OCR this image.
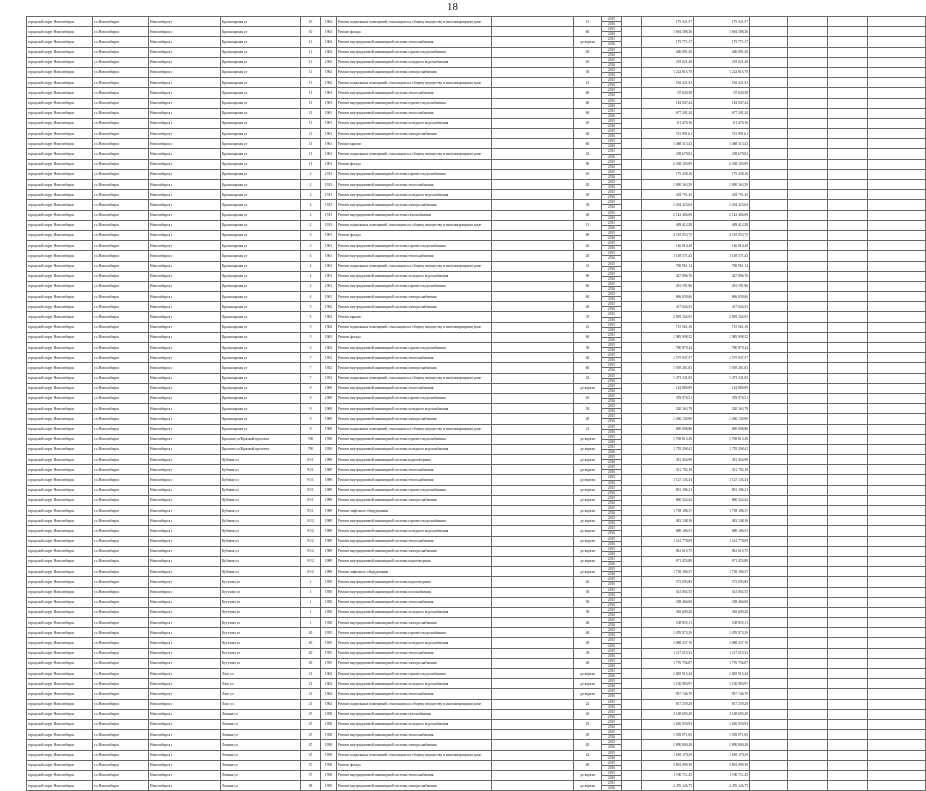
18
городской округ Новосибирск	г.о.Новосибирск	Новосибирск г	Красноярская ул	10	1963	Ремонт подвальных помещений, относящихся к общему имуществу в многоквартирном доме		15	2015
2016		175 521,57	175 521,57				
городской округ Новосибирск	г.о.Новосибирск	Новосибирск г	Красноярская ул	10	1963	Ремонт фасада		60	2015
2016		1 694 588,36	1 694 588,36				
городской округ Новосибирск	г.о.Новосибирск	Новосибирск г	Красноярская ул	11	1962	Ремонт внутридомовой инженерной системы теплоснабжения		до апреля	2015
2016		175 771,17	175 771,17				
городской округ Новосибирск	г.о.Новосибирск	Новосибирск г	Красноярская ул	11	1962	Ремонт внутридомовой инженерной системы горячего водоснабжения		20	2015
2016		266 891,26	266 891,26				
городской округ Новосибирск	г.о.Новосибирск	Новосибирск г	Красноярская ул	11	1962	Ремонт внутридомовой инженерной системы холодного водоснабжения		20	2015
2016		219 021,49	219 021,49				
городской округ Новосибирск	г.о.Новосибирск	Новосибирск г	Красноярская ул	11	1962	Ремонт внутридомовой инженерной системы электроснабжения		30	2015
2016		1 222 813,70	1 222 813,70				
городской округ Новосибирск	г.о.Новосибирск	Новосибирск г	Красноярская ул	11	1962	Ремонт подвальных помещений, относящихся к общему имуществу в многоквартирном доме		21	2015
2016		165 321,52	165 321,52				
городской округ Новосибирск	г.о.Новосибирск	Новосибирск г	Красноярская ул	13	1961	Ремонт внутридомовой инженерной системы теплоснабжения		60	2015
2016		97 620,38	97 620,38				
городской округ Новосибирск	г.о.Новосибирск	Новосибирск г	Красноярская ул	13	1961	Ремонт внутридомовой инженерной системы горячего водоснабжения		60	2015
2016		184 947,44	184 947,44				
городской округ Новосибирск	г.о.Новосибирск	Новосибирск г	Красноярская ул	13	1961	Ремонт внутридомовой инженерной системы теплоснабжения		60	2015
2016		677 291,24	677 291,24				
городской округ Новосибирск	г.о.Новосибирск	Новосибирск г	Красноярская ул	13	1961	Ремонт внутридомовой инженерной системы холодного водоснабжения		45	2015
2016		111 470,16	111 470,16				
городской округ Новосибирск	г.о.Новосибирск	Новосибирск г	Красноярская ул	13	1961	Ремонт внутридомовой инженерной системы электроснабжения		40	2015
2016		741 891,61	741 891,61				
городской округ Новосибирск	г.о.Новосибирск	Новосибирск г	Красноярская ул	13	1961	Ремонт крыши		60	2015
2016		1 468 313,43	1 468 313,43				
городской округ Новосибирск	г.о.Новосибирск	Новосибирск г	Красноярская ул	13	1961	Ремонт подвальных помещений, относящихся к общему имуществу в многоквартирном доме		22	2015
2016		238 679,02	238 679,02				
городской округ Новосибирск	г.о.Новосибирск	Новосибирск г	Красноярская ул	13	1961	Ремонт фасада		80	2015
2016		2 338 165,89	2 338 165,89				
городской округ Новосибирск	г.о.Новосибирск	Новосибирск г	Красноярская ул	2	1913	Ремонт внутридомовой инженерной системы горячего водоснабжения		20	2015
2016		175 258,16	175 258,16				
городской округ Новосибирск	г.о.Новосибирск	Новосибирск г	Красноярская ул	2	1913	Ремонт внутридомовой инженерной системы теплоснабжения		20	2015
2016		1 090 163,59	1 090 163,59				
городской округ Новосибирск	г.о.Новосибирск	Новосибирск г	Красноярская ул	2	1913	Ремонт внутридомовой инженерной системы холодного водоснабжения		30	2015
2016		218 751,20	218 751,20				
городской округ Новосибирск	г.о.Новосибирск	Новосибирск г	Красноярская ул	2	1913	Ремонт внутридомовой инженерной системы электроснабжения		30	2015
2016		1 204 223,64	1 204 223,64				
городской округ Новосибирск	г.о.Новосибирск	Новосибирск г	Красноярская ул	2	1913	Ремонт внутридомовой инженерной системы газоснабжения		40	2015
2016		2 142 466,09	2 142 466,09				
городской округ Новосибирск	г.о.Новосибирск	Новосибирск г	Красноярская ул	2	1913	Ремонт подвальных помещений, относящихся к общему имуществу в многоквартирном доме		15	2015
2016		409 412,58	409 412,58				
городской округ Новосибирск	г.о.Новосибирск	Новосибирск г	Красноярская ул	3	1961	Ремонт фасада		60	2015
2016		2 119 053,75	2 119 053,75				
городской округ Новосибирск	г.о.Новосибирск	Новосибирск г	Красноярская ул	3	1961	Ремонт внутридомовой инженерной системы горячего водоснабжения		20	2015
2016		126 810,28	126 810,28				
городской округ Новосибирск	г.о.Новосибирск	Новосибирск г	Красноярская ул	4	1961	Ремонт внутридомовой инженерной системы теплоснабжения		20	2015
2016		1 149 571,45	1 149 571,45				
городской округ Новосибирск	г.о.Новосибирск	Новосибирск г	Красноярская ул	4	1961	Ремонт подвальных помещений, относящихся к общему имуществу в многоквартирном доме		21	2015
2016		700 961,14	700 961,14				
городской округ Новосибирск	г.о.Новосибирск	Новосибирск г	Красноярская ул	4	1961	Ремонт внутридомовой инженерной системы холодного водоснабжения		60	2015
2016		427 806,76	427 806,76				
городской округ Новосибирск	г.о.Новосибирск	Новосибирск г	Красноярская ул	4	1961	Ремонт внутридомовой инженерной системы горячего водоснабжения		60	2015
2016		261 591,86	261 591,86				
городской округ Новосибирск	г.о.Новосибирск	Новосибирск г	Красноярская ул	4	1961	Ремонт внутридомовой инженерной системы электроснабжения		60	2015
2016		866 659,66	866 659,66				
городской округ Новосибирск	г.о.Новосибирск	Новосибирск г	Красноярская ул	5	1962	Ремонт внутридомовой инженерной системы электроснабжения		40	2015
2016		417 626,53	417 626,53				
городской округ Новосибирск	г.о.Новосибирск	Новосибирск г	Красноярская ул	5	1962	Ремонт крыши		35	2015
2016		2 093 164,93	2 093 164,93				
городской округ Новосибирск	г.о.Новосибирск	Новосибирск г	Красноярская ул	5	1962	Ремонт подвальных помещений, относящихся к общему имуществу в многоквартирном доме		21	2015
2016		715 561,16	715 561,16				
городской округ Новосибирск	г.о.Новосибирск	Новосибирск г	Красноярская ул	5	1962	Ремонт фасада		60	2015
2016		1 985 098,32	1 985 098,32				
городской округ Новосибирск	г.о.Новосибирск	Новосибирск г	Красноярская ул	5	1962	Ремонт внутридомовой инженерной системы горячего водоснабжения		30	2015
2016		780 879,24	780 879,24				
городской округ Новосибирск	г.о.Новосибирск	Новосибирск г	Красноярская ул	7	1952	Ремонт внутридомовой инженерной системы теплоснабжения		40	2015
2016		1 575 047,57	1 575 047,57				
городской округ Новосибирск	г.о.Новосибирск	Новосибирск г	Красноярская ул	7	1952	Ремонт внутридомовой инженерной системы электроснабжения		60	2015
2016		1 595 261,83	1 595 261,83				
городской округ Новосибирск	г.о.Новосибирск	Новосибирск г	Красноярская ул	7	1952	Ремонт подвальных помещений, относящихся к общему имуществу в многоквартирном доме		22	2015
2016		1 473 341,05	1 473 341,05				
городской округ Новосибирск	г.о.Новосибирск	Новосибирск г	Красноярская ул	9	1969	Ремонт внутридомовой инженерной системы теплоснабжения		до апреля	2015
2016		143 869,89	143 869,89				
городской округ Новосибирск	г.о.Новосибирск	Новосибирск г	Красноярская ул	9	1969	Ремонт внутридомовой инженерной системы горячего водоснабжения		20	2015
2016		478 079,51	478 079,51				
городской округ Новосибирск	г.о.Новосибирск	Новосибирск г	Красноярская ул	9	1969	Ремонт внутридомовой инженерной системы холодного водоснабжения		30	2015
2016		320 163,78	320 163,78				
городской округ Новосибирск	г.о.Новосибирск	Новосибирск г	Красноярская ул	9	1969	Ремонт внутридомовой инженерной системы электроснабжения		40	2015
2016		1 266 130,89	1 266 130,89				
городской округ Новосибирск	г.о.Новосибирск	Новосибирск г	Красноярская ул	9	1969	Ремонт подвальных помещений, относящихся к общему имуществу в многоквартирном доме		21	2015
2016		690 808,86	690 808,86				
городской округ Новосибирск	г.о.Новосибирск	Новосибирск г	Крылова ул/Красный проспект	700	1950	Ремонт внутридомовой инженерной системы горячего водоснабжения		до апреля	2015
2016		1 708 813,49	1 708 813,49				
городской округ Новосибирск	г.о.Новосибирск	Новосибирск г	Крылова ул/Красный проспект	700	1950	Ремонт внутридомовой инженерной системы холодного водоснабжения		до апреля	2015
2016		1 755 358,41	1 755 358,41				
городской округ Новосибирск	г.о.Новосибирск	Новосибирск г	Кубовая ул	91/1	1989	Ремонт внутридомовой инженерной системы водоотведения		до апреля	2015
2016		451 564,98	451 564,98				
городской округ Новосибирск	г.о.Новосибирск	Новосибирск г	Кубовая ул	91/1	1989	Ремонт внутридомовой инженерной системы теплоснабжения		до апреля	2015
2016		521 702,18	521 702,18				
городской округ Новосибирск	г.о.Новосибирск	Новосибирск г	Кубовая ул	91/1	1989	Ремонт внутридомовой инженерной системы теплоснабжения		до апреля	2015
2016		1 127 143,34	1 127 143,34				
городской округ Новосибирск	г.о.Новосибирск	Новосибирск г	Кубовая ул	91/1	1989	Ремонт внутридомовой инженерной системы горячего водоснабжения		до апреля	2015
2016		801 186,21	801 186,21				
городской округ Новосибирск	г.о.Новосибирск	Новосибирск г	Кубовая ул	91/1	1989	Ремонт внутридомовой инженерной системы электроснабжения		до апреля	2015
2016		860 522,42	860 522,42				
городской округ Новосибирск	г.о.Новосибирск	Новосибирск г	Кубовая ул	91/1	1989	Ремонт лифтового оборудования		до апреля	2015
2016		1 738 186,37	1 738 186,37				
городской округ Новосибирск	г.о.Новосибирск	Новосибирск г	Кубовая ул	91/2	1989	Ремонт внутридомовой инженерной системы горячего водоснабжения		до апреля	2015
2016		481 148,16	481 148,16				
городской округ Новосибирск	г.о.Новосибирск	Новосибирск г	Кубовая ул	91/2	1989	Ремонт внутридомовой инженерной системы холодного водоснабжения		до апреля	2015
2016		680 186,51	680 186,51				
городской округ Новосибирск	г.о.Новосибирск	Новосибирск г	Кубовая ул	91/2	1989	Ремонт внутридомовой инженерной системы теплоснабжения		до апреля	2015
2016		1 161 778,09	1 161 778,09				
городской округ Новосибирск	г.о.Новосибирск	Новосибирск г	Кубовая ул	91/2	1989	Ремонт внутридомовой инженерной системы электроснабжения		до апреля	2015
2016		861 615,75	861 615,75				
городской округ Новосибирск	г.о.Новосибирск	Новосибирск г	Кубовая ул	91/2	1989	Ремонт внутридомовой инженерной системы водоотведения		до апреля	2015
2016		871 455,89	871 455,89				
городской округ Новосибирск	г.о.Новосибирск	Новосибирск г	Кубовая ул	91/2	1989	Ремонт лифтового оборудования		до апреля	2015
2016		1 738 186,37	1 738 186,37				
городской округ Новосибирск	г.о.Новосибирск	Новосибирск г	Кутузова ул	1	1950	Ремонт внутридомовой инженерной системы водоотведения		20	2015
2016		572 093,85	572 093,85				
городской округ Новосибирск	г.о.Новосибирск	Новосибирск г	Кутузова ул	1	1950	Ремонт внутридомовой инженерной системы газоснабжения		30	2015
2016		541 002,55	541 002,55				
городской округ Новосибирск	г.о.Новосибирск	Новосибирск г	Кутузова ул	1	1950	Ремонт внутридомовой инженерной системы теплоснабжения		30	2015
2016		338 466,60	338 466,60				
городской округ Новосибирск	г.о.Новосибирск	Новосибирск г	Кутузова ул	1	1950	Ремонт внутридомовой инженерной системы холодного водоснабжения		30	2015
2016		365 609,28	365 609,28				
городской округ Новосибирск	г.о.Новосибирск	Новосибирск г	Кутузова ул	1	1950	Ремонт внутридомовой инженерной системы электроснабжения		40	2015
2016		538 855,11	538 855,11				
городской округ Новосибирск	г.о.Новосибирск	Новосибирск г	Кутузова ул	20	1955	Ремонт внутридомовой инженерной системы горячего водоснабжения		40	2015
2016		1 470 973,29	1 470 973,29				
городской округ Новосибирск	г.о.Новосибирск	Новосибирск г	Кутузова ул	20	1955	Ремонт внутридомовой инженерной системы холодного водоснабжения		30	2015
2016		1 088 337,76	1 088 337,76				
городской округ Новосибирск	г.о.Новосибирск	Новосибирск г	Кутузова ул	20	1955	Ремонт внутридомовой инженерной системы теплоснабжения		30	2015
2016		1 117 215,32	1 117 215,32				
городской округ Новосибирск	г.о.Новосибирск	Новосибирск г	Кутузова ул	20	1955	Ремонт внутридомовой инженерной системы электроснабжения		40	2015
2016		1 770 756,07	1 770 756,07				
городской округ Новосибирск	г.о.Новосибирск	Новосибирск г	Лазо ул	21	1962	Ремонт внутридомовой инженерной системы горячего водоснабжения		до апреля	2015
2016		1 065 915,24	1 065 915,24				
городской округ Новосибирск	г.о.Новосибирск	Новосибирск г	Лазо ул	21	1962	Ремонт внутридомовой инженерной системы холодного водоснабжения		до апреля	2015
2016		1 136 983,97	1 136 983,97				
городской округ Новосибирск	г.о.Новосибирск	Новосибирск г	Лазо ул	21	1962	Ремонт внутридомовой инженерной системы теплоснабжения		до апреля	2015
2016		957 146,70	957 146,70				
городской округ Новосибирск	г.о.Новосибирск	Новосибирск г	Лазо ул	21	1962	Ремонт подвальных помещений, относящихся к общему имуществу в многоквартирном доме		22	2015
2016		817 259,29	817 259,29				
городской округ Новосибирск	г.о.Новосибирск	Новосибирск г	Ленина ул	47	1958	Ремонт внутридомовой инженерной системы газоснабжения		20	2015
2016		2 168 693,28	2 168 693,28				
городской округ Новосибирск	г.о.Новосибирск	Новосибирск г	Ленина ул	47	1958	Ремонт внутридомовой инженерной системы холодного водоснабжения		25	2015
2016		1 036 930,94	1 036 930,94				
городской округ Новосибирск	г.о.Новосибирск	Новосибирск г	Ленина ул	47	1958	Ремонт внутридомовой инженерной системы теплоснабжения		20	2015
2016		1 595 971,83	1 595 971,83				
городской округ Новосибирск	г.о.Новосибирск	Новосибирск г	Ленина ул	47	1958	Ремонт внутридомовой инженерной системы электроснабжения		20	2015
2016		1 890 800,28	1 890 800,28				
городской округ Новосибирск	г.о.Новосибирск	Новосибирск г	Ленина ул	47	1958	Ремонт подвальных помещений, относящихся к общему имуществу в многоквартирном доме		22	2015
2016		1 639 179,29	1 639 179,29				
городской округ Новосибирск	г.о.Новосибирск	Новосибирск г	Ленина ул	57	1958	Ремонт фасада		60	2015
2016		5 891 099,39	5 891 099,39				
городской округ Новосибирск	г.о.Новосибирск	Новосибирск г	Ленина ул	57	1958	Ремонт внутридомовой инженерной системы теплоснабжения		до апреля	2015
2016		1 190 711,43	1 190 711,43				
городской округ Новосибирск	г.о.Новосибирск	Новосибирск г	Ленина ул	58	1950	Ремонт внутридомовой инженерной системы электроснабжения		до апреля	2015
2016		2 476 126,75	2 476 126,75				
